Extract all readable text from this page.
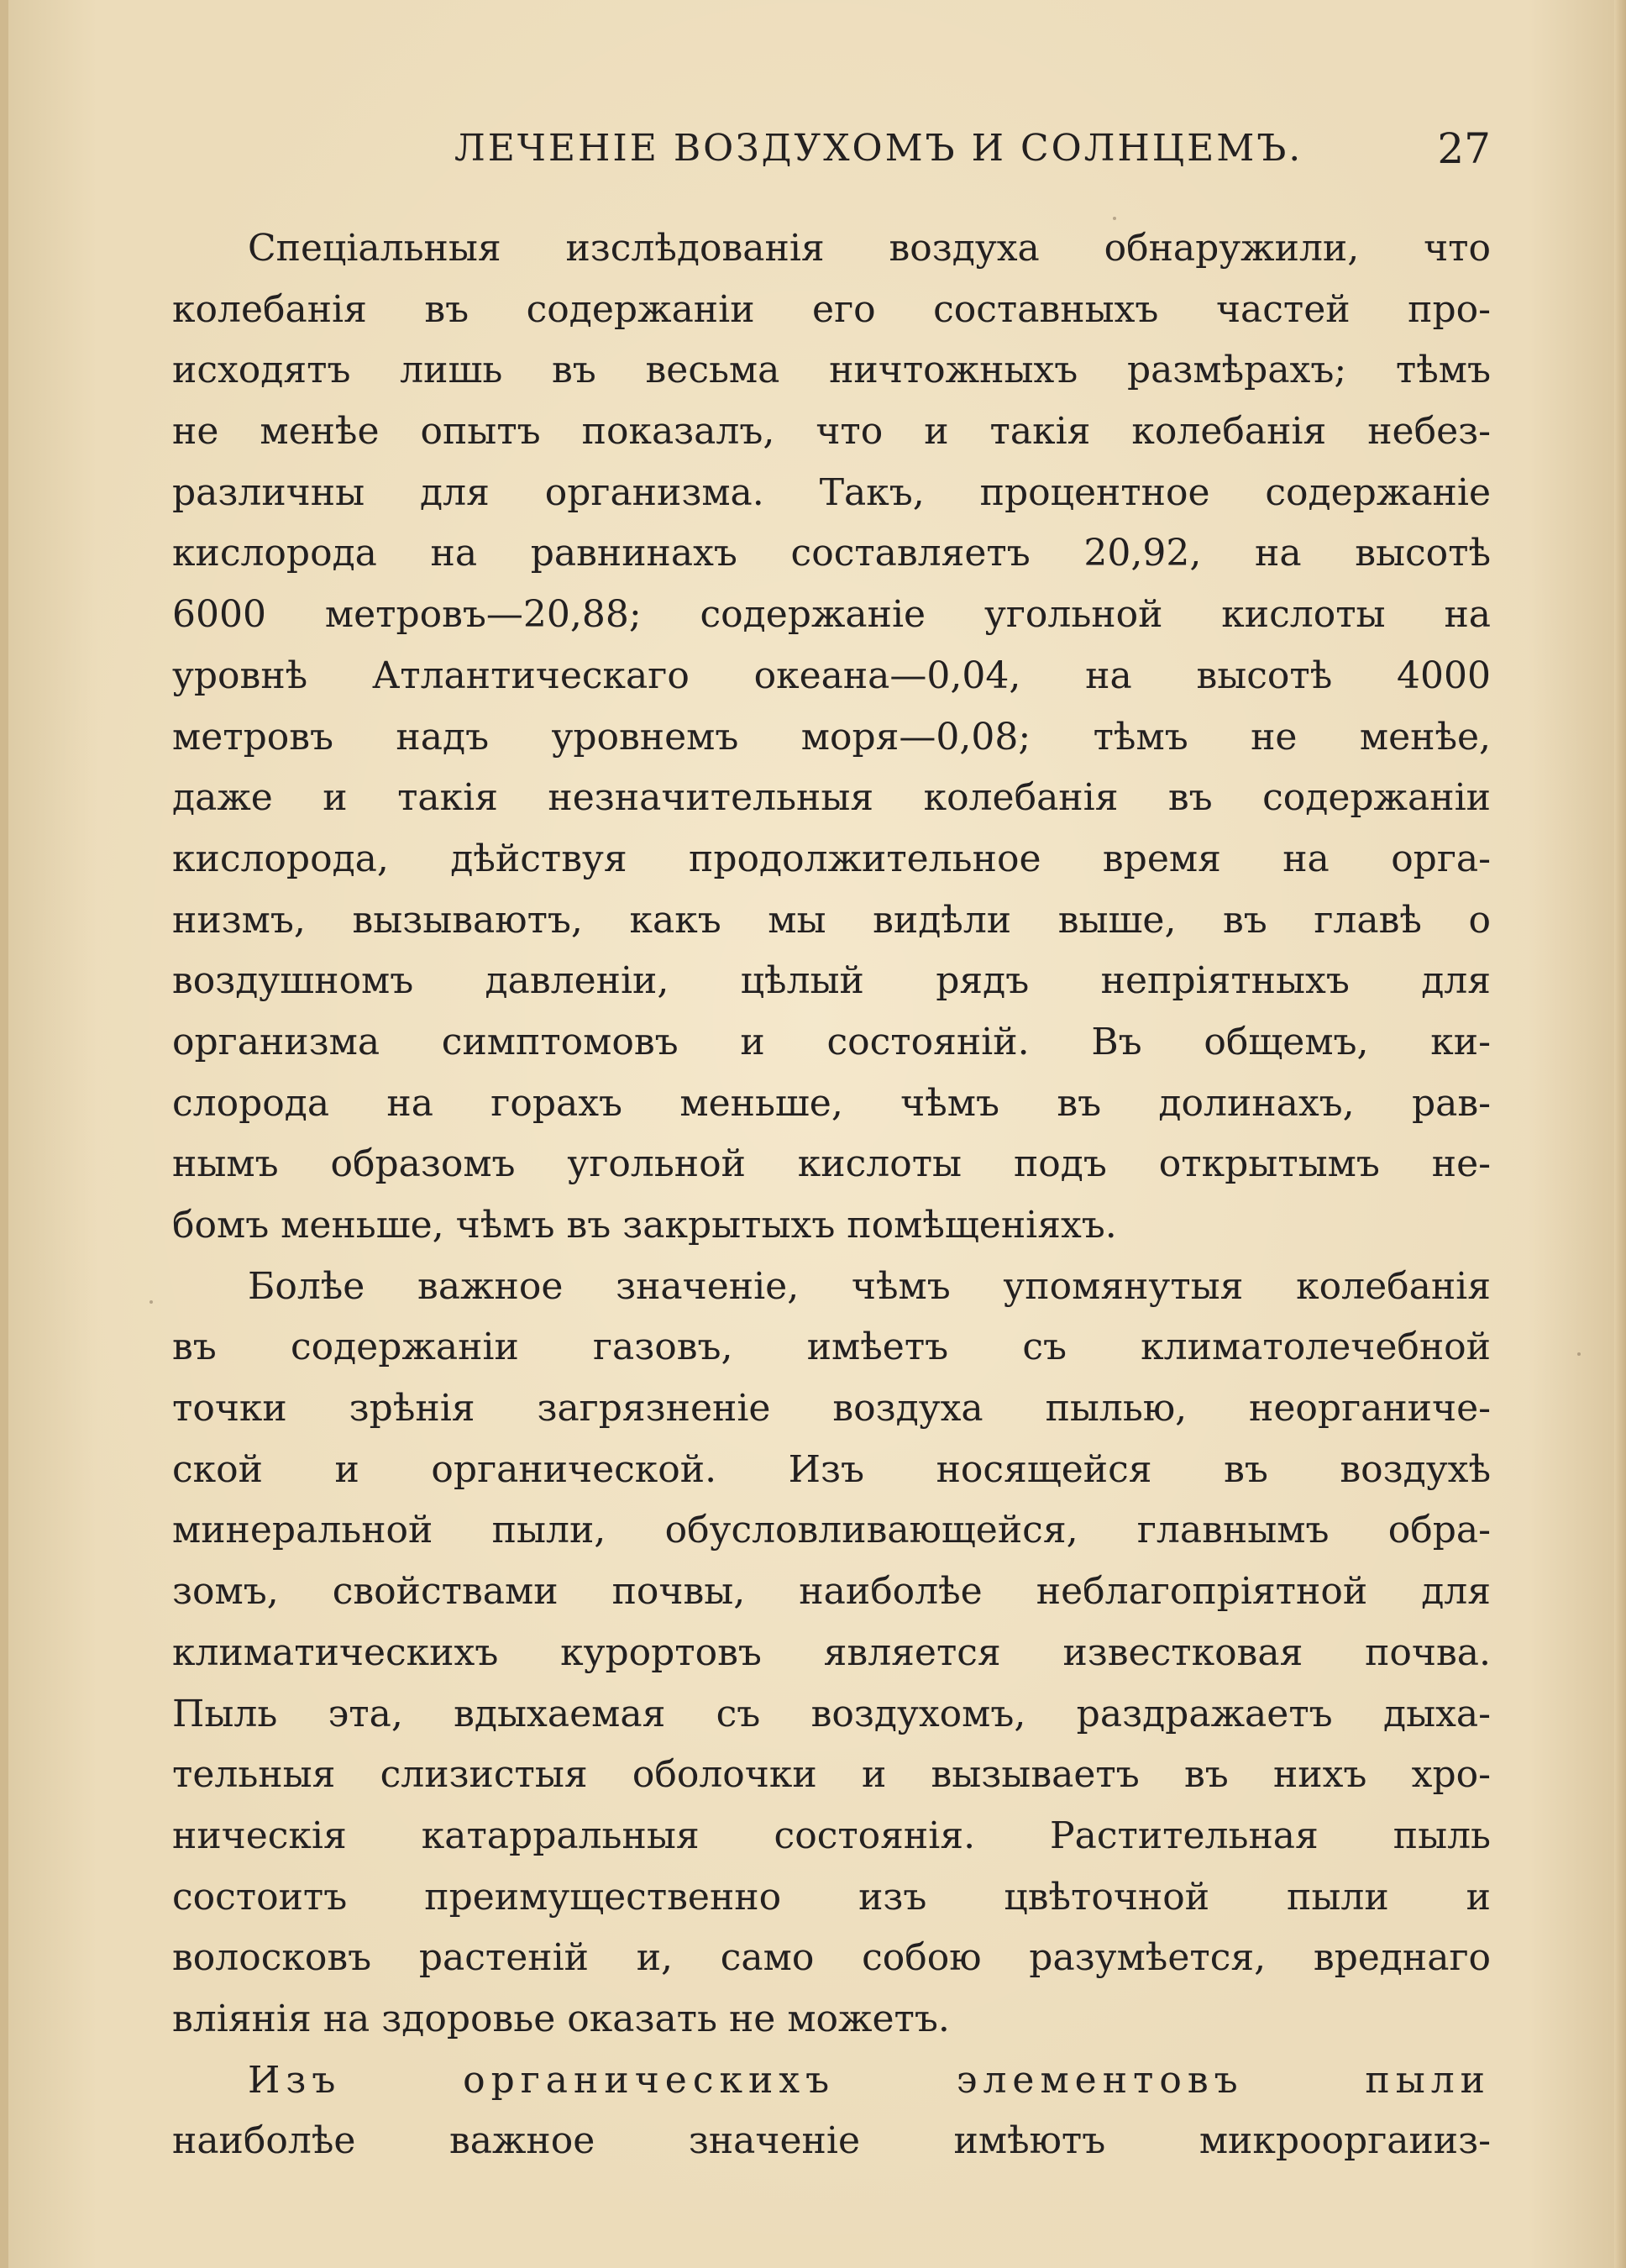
ЛЕЧЕНІЕ ВОЗДУХОМЪ И СОЛНЦЕМЪ.	27
Спеціальныя изслѣдованія воздуха обнаружили, что
колебанія въ содержаніи его составныхъ частей про-
исходятъ лишь въ весьма ничтожныхъ размѣрахъ; тѣмъ
не менѣе опытъ показалъ, что и такія колебанія небез-
различны для организма. Такъ, процентное содержаніе
кислорода на равнинахъ составляетъ 20,92, на высотѣ
6000 метровъ—20,88; содержаніе угольной кислоты на
уровнѣ Атлантическаго океана—0,04, на высотѣ 4000
метровъ надъ уровнемъ моря—0,08; тѣмъ не менѣе,
даже и такія незначительныя колебанія въ содержаніи
кислорода, дѣйствуя продолжительное время на орга-
низмъ, вызываютъ, какъ мы видѣли выше, въ главѣ о
воздушномъ давленіи, цѣлый рядъ непріятныхъ для
организма симптомовъ и состояній. Въ общемъ, ки-
слорода на горахъ меньше, чѣмъ въ долинахъ, рав-
нымъ образомъ угольной кислоты подъ открытымъ не-
бомъ меньше, чѣмъ въ закрытыхъ помѣщеніяхъ.
Болѣе важное значеніе, чѣмъ упомянутыя колебанія
въ содержаніи газовъ, имѣетъ съ климатолечебной
точки зрѣнія загрязненіе воздуха пылью, неорганиче-
ской и органической. Изъ носящейся въ воздухѣ
минеральной пыли, обусловливающейся, главнымъ обра-
зомъ, свойствами почвы, наиболѣе неблагопріятной для
климатическихъ курортовъ является известковая почва.
Пыль эта, вдыхаемая съ воздухомъ, раздражаетъ дыха-
тельныя слизистыя оболочки и вызываетъ въ нихъ хро-
ническія катарральныя состоянія. Растительная пыль
состоитъ преимущественно изъ цвѣточной пыли и
волосковъ растеній и, само собою разумѣется, вреднаго
вліянія на здоровье оказать не можетъ.
Изъ органическихъ элементовъ пыли
наиболѣе важное значеніе имѣютъ микрооргаииз-
